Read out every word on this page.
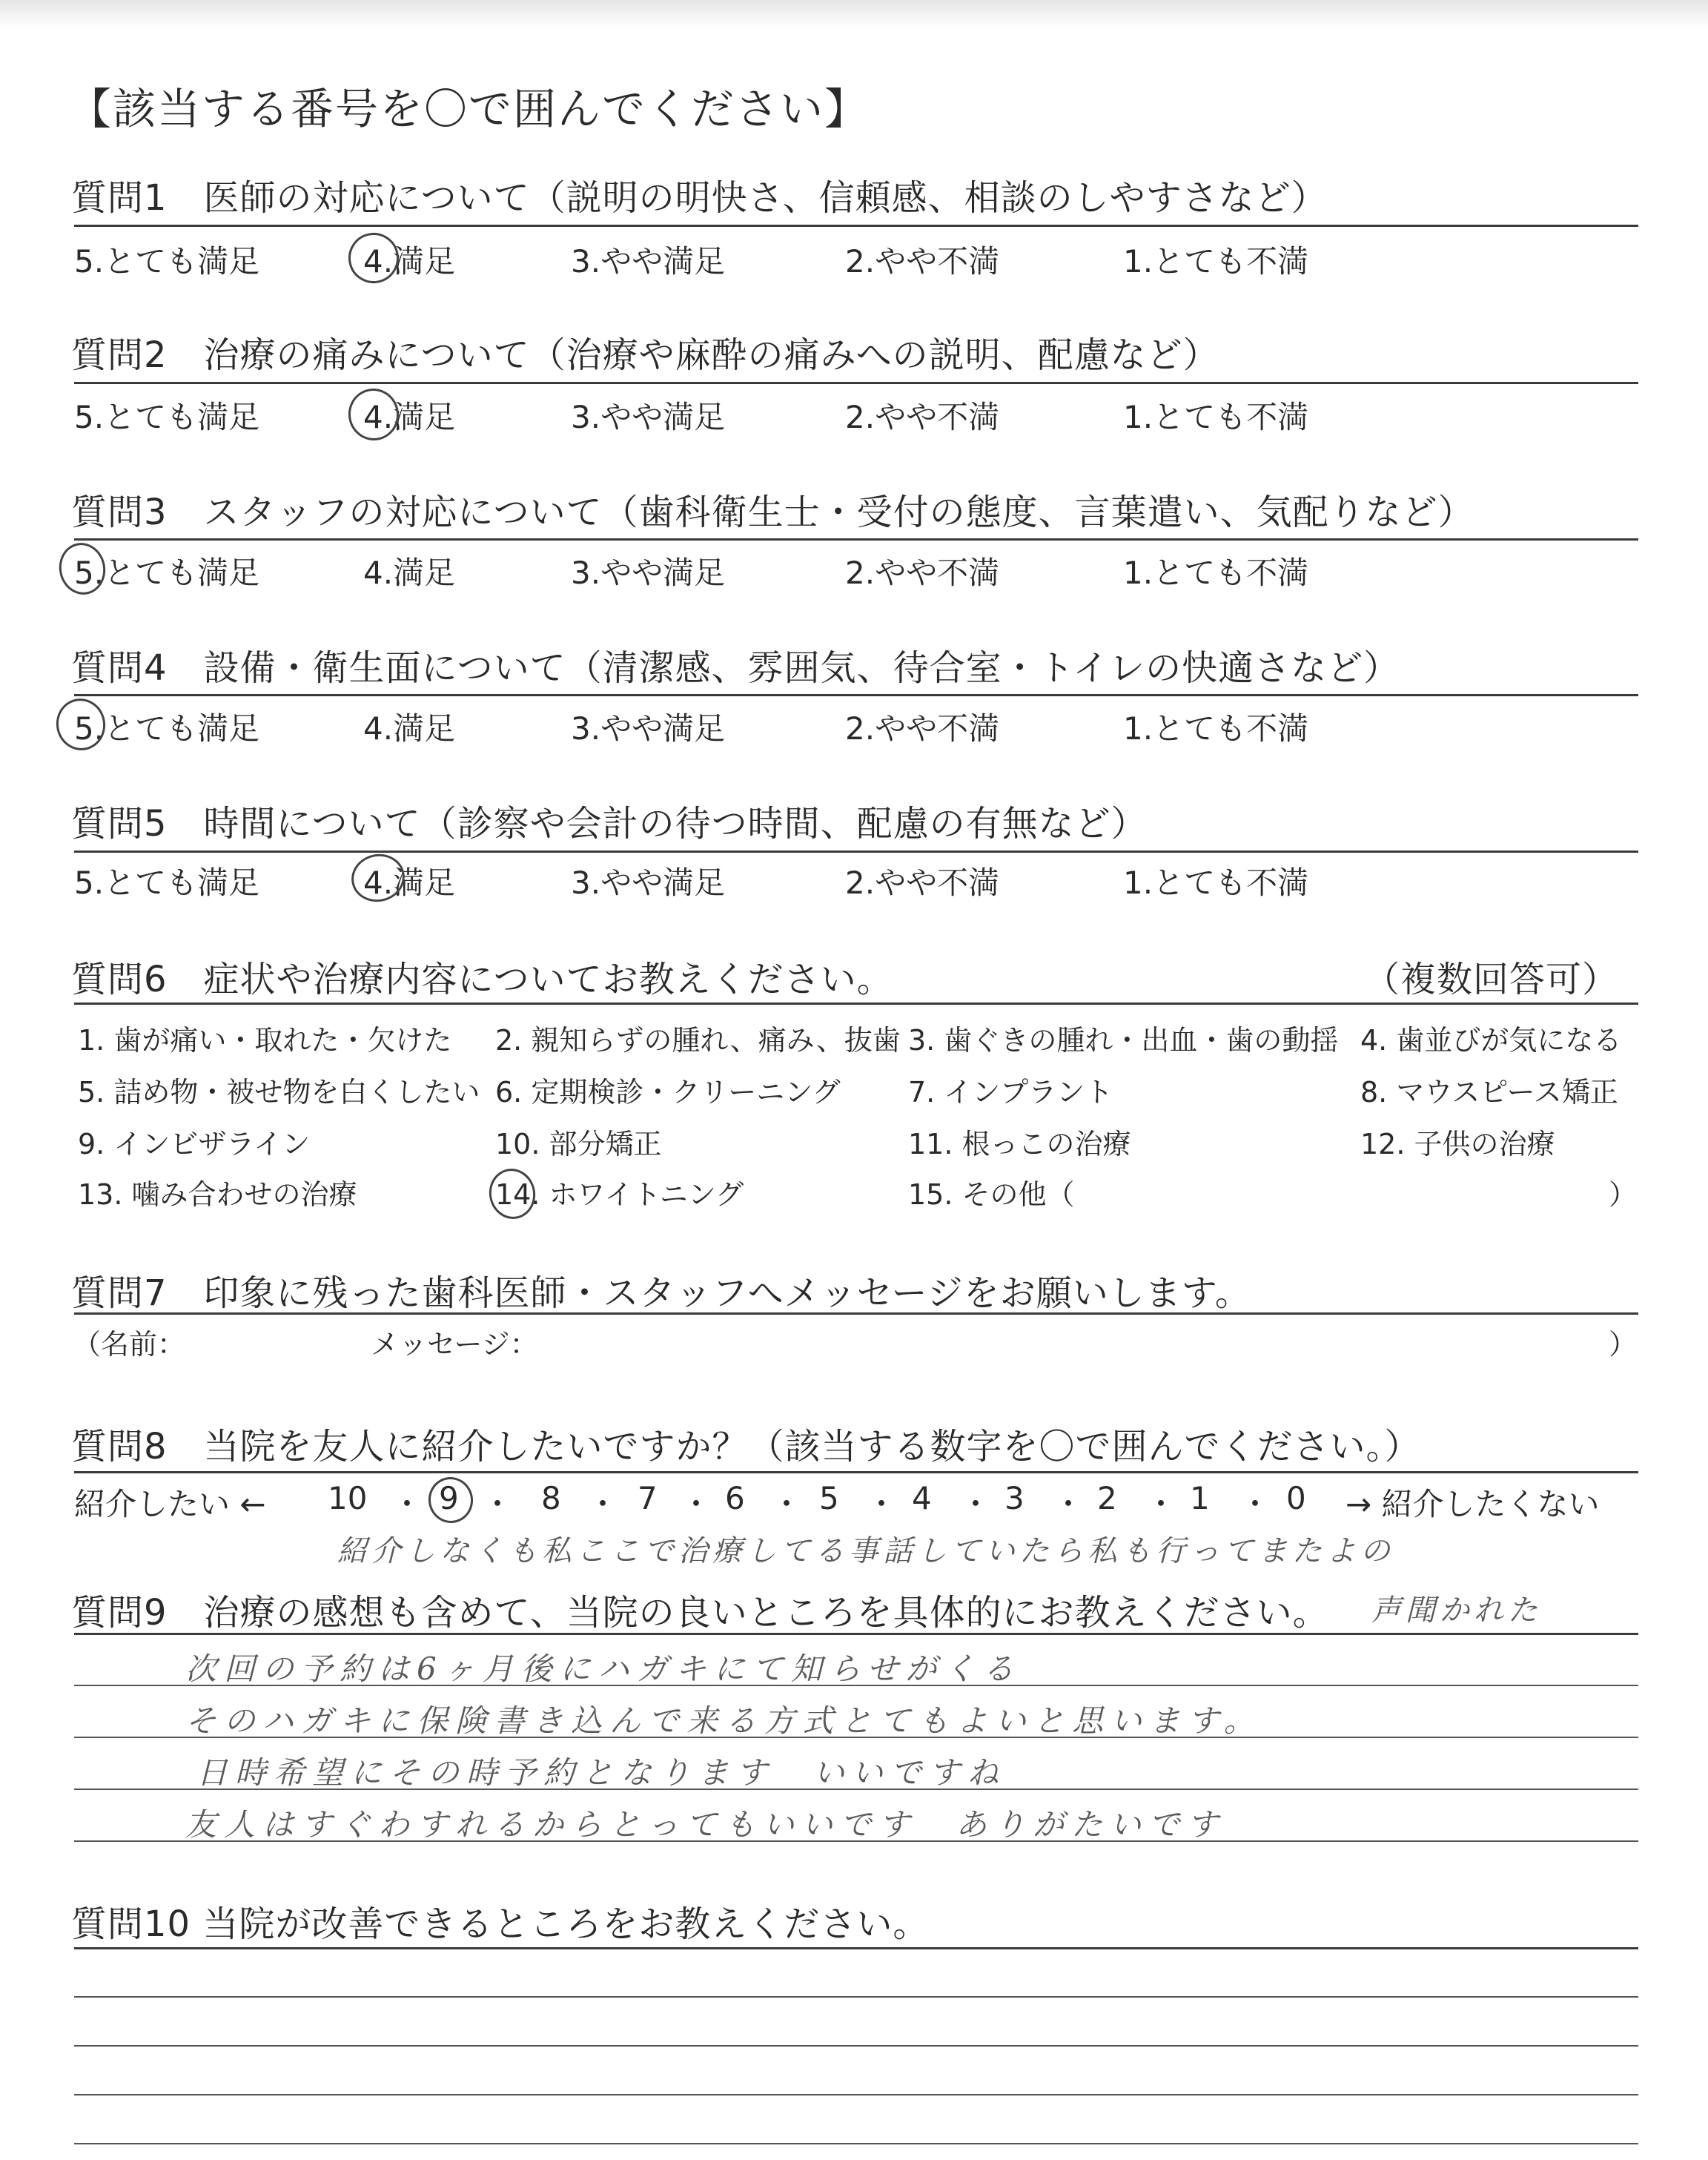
【該当する番号を〇で囲んでください】
質問1　医師の対応について（説明の明快さ、信頼感、相談のしやすさなど）
5.とても満足	4.満足	3.やや満足	2.やや不満	1.とても不満
質問2　治療の痛みについて（治療や麻酔の痛みへの説明、配慮など）
5.とても満足	4.満足	3.やや満足	2.やや不満	1.とても不満
質問3　スタッフの対応について（歯科衛生士・受付の態度、言葉遣い、気配りなど）
5.とても満足	4.満足	3.やや満足	2.やや不満	1.とても不満
質問4　設備・衛生面について（清潔感、雰囲気、待合室・トイレの快適さなど）
5.とても満足	4.満足	3.やや満足	2.やや不満	1.とても不満
質問5　時間について（診察や会計の待つ時間、配慮の有無など）
5.とても満足	4.満足	3.やや満足	2.やや不満	1.とても不満
質問6　症状や治療内容についてお教えください。	（複数回答可）
1. 歯が痛い・取れた・欠けた 2. 親知らずの腫れ、痛み、抜歯 3. 歯ぐきの腫れ・出血・歯の動揺 4. 歯並びが気になる
5. 詰め物・被せ物を白くしたい 6. 定期検診・クリーニング 7. インプラント	8. マウスピース矯正
9. インビザライン	10. 部分矯正	11. 根っこの治療	12. 子供の治療
13. 噛み合わせの治療	14. ホワイトニング	15. その他（	）
質問7　印象に残った歯科医師・スタッフへメッセージをお願いします。
（名前：	メッセージ：	）
質問8　当院を友人に紹介したいですか？（該当する数字を〇で囲んでください。）
紹介したい ← 10 ・ 9 ・ 8 ・ 7 ・ 6 ・ 5 ・ 4 ・ 3 ・ 2 ・ 1 ・ 0 → 紹介したくない
紹介しなくも私ここで治療してる事話していたら私も行ってまたよの
質問9　治療の感想も含めて、当院の良いところを具体的にお教えください。 声聞かれた
次回の予約は6ヶ月後にハガキにて知らせがくる
そのハガキに保険書き込んで来る方式とてもよいと思います。
日時希望にその時予約となります　いいですね
友人はすぐわすれるからとってもいいです　ありがたいです
質問10 当院が改善できるところをお教えください。
